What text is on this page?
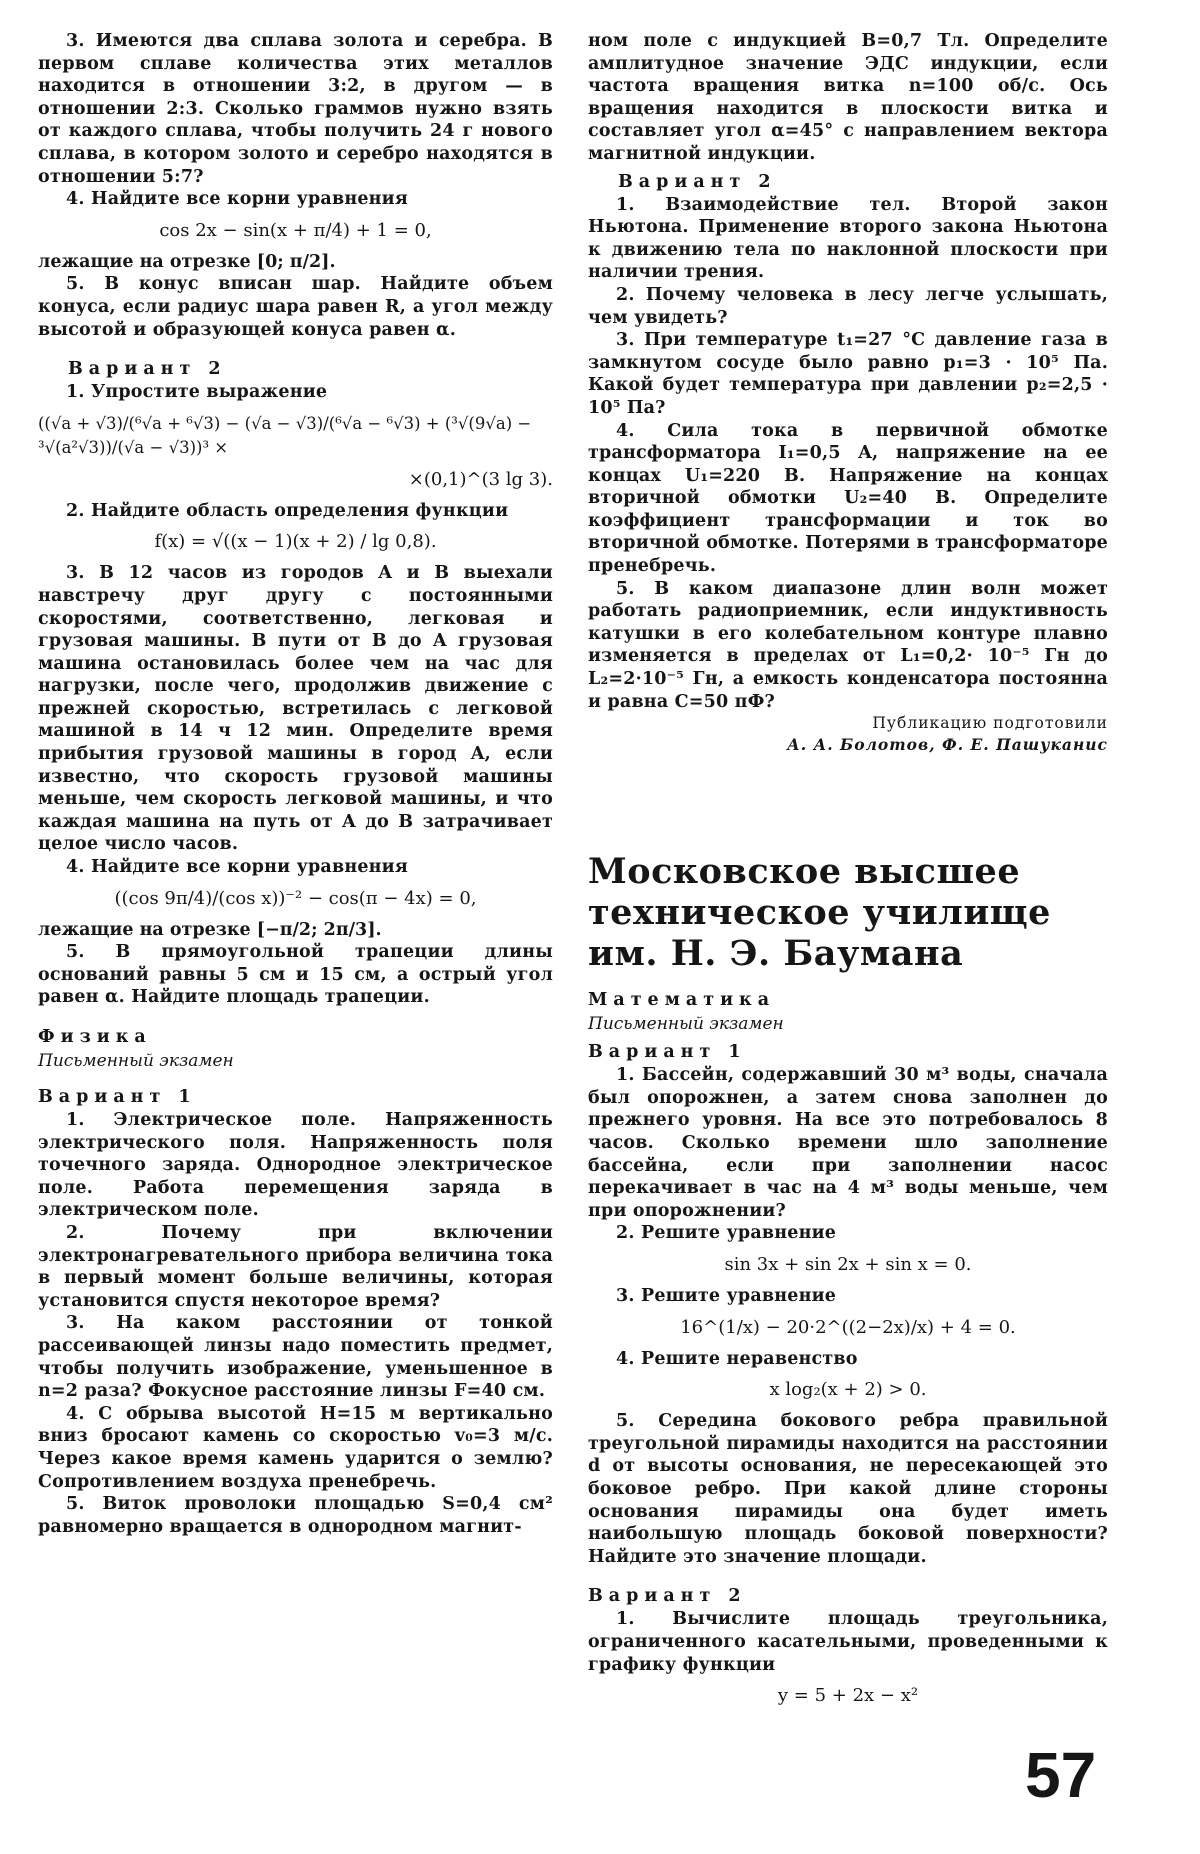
3. Имеются два сплава золота и серебра. В первом сплаве количества этих металлов находится в отношении 3:2, в другом — в отношении 2:3. Сколько граммов нужно взять от каждого сплава, чтобы получить 24 г нового сплава, в котором золото и серебро находятся в отношении 5:7?

4. Найдите все корни уравнения

cos 2x − sin(x + π/4) + 1 = 0,

лежащие на отрезке [0; π/2].

5. В конус вписан шар. Найдите объем конуса, если радиус шара равен R, а угол между высотой и образующей конуса равен α.

Вариант 2

1. Упростите выражение

((√a + √3)/(⁶√a + ⁶√3) − (√a − √3)/(⁶√a − ⁶√3) + (³√(9√a) − ³√(a²√3))/(√a − √3))³ ×
×(0,1)^(3 lg 3).

2. Найдите область определения функции

f(x) = √((x − 1)(x + 2) / lg 0,8).

3. В 12 часов из городов A и B выехали навстречу друг другу с постоянными скоростями, соответственно, легковая и грузовая машины. В пути от B до A грузовая машина остановилась более чем на час для нагрузки, после чего, продолжив движение с прежней скоростью, встретилась с легковой машиной в 14 ч 12 мин. Определите время прибытия грузовой машины в город A, если известно, что скорость грузовой машины меньше, чем скорость легковой машины, и что каждая машина на путь от A до B затрачивает целое число часов.

4. Найдите все корни уравнения

((cos 9π/4)/(cos x))⁻² − cos(π − 4x) = 0,

лежащие на отрезке [−π/2; 2π/3].

5. В прямоугольной трапеции длины оснований равны 5 см и 15 см, а острый угол равен α. Найдите площадь трапеции.

Физика

Письменный экзамен

Вариант 1

1. Электрическое поле. Напряженность электрического поля. Напряженность поля точечного заряда. Однородное электрическое поле. Работа перемещения заряда в электрическом поле.

2. Почему при включении электронагревательного прибора величина тока в первый момент больше величины, которая установится спустя некоторое время?

3. На каком расстоянии от тонкой рассеивающей линзы надо поместить предмет, чтобы получить изображение, уменьшенное в n=2 раза? Фокусное расстояние линзы F=40 см.

4. С обрыва высотой H=15 м вертикально вниз бросают камень со скоростью v₀=3 м/с. Через какое время камень ударится о землю? Сопротивлением воздуха пренебречь.

5. Виток проволоки площадью S=0,4 см² равномерно вращается в однородном магнит-

ном поле с индукцией B=0,7 Тл. Определите амплитудное значение ЭДС индукции, если частота вращения витка n=100 об/с. Ось вращения находится в плоскости витка и составляет угол α=45° с направлением вектора магнитной индукции.

Вариант 2

1. Взаимодействие тел. Второй закон Ньютона. Применение второго закона Ньютона к движению тела по наклонной плоскости при наличии трения.

2. Почему человека в лесу легче услышать, чем увидеть?

3. При температуре t₁=27 °C давление газа в замкнутом сосуде было равно p₁=3 · 10⁵ Па. Какой будет температура при давлении p₂=2,5 · 10⁵ Па?

4. Сила тока в первичной обмотке трансформатора I₁=0,5 A, напряжение на ее концах U₁=220 В. Напряжение на концах вторичной обмотки U₂=40 В. Определите коэффициент трансформации и ток во вторичной обмотке. Потерями в трансформаторе пренебречь.

5. В каком диапазоне длин волн может работать радиоприемник, если индуктивность катушки в его колебательном контуре плавно изменяется в пределах от L₁=0,2· 10⁻⁵ Гн до L₂=2·10⁻⁵ Гн, а емкость конденсатора постоянна и равна C=50 пФ?

Публикацию подготовили

А. А. Болотов, Ф. Е. Пашуканис

Московское высшее техническое училище им. Н. Э. Баумана

Математика

Письменный экзамен

Вариант 1

1. Бассейн, содержавший 30 м³ воды, сначала был опорожнен, а затем снова заполнен до прежнего уровня. На все это потребовалось 8 часов. Сколько времени шло заполнение бассейна, если при заполнении насос перекачивает в час на 4 м³ воды меньше, чем при опорожнении?

2. Решите уравнение

sin 3x + sin 2x + sin x = 0.

3. Решите уравнение

16^(1/x) − 20·2^((2−2x)/x) + 4 = 0.

4. Решите неравенство

x log₂(x + 2) > 0.

5. Середина бокового ребра правильной треугольной пирамиды находится на расстоянии d от высоты основания, не пересекающей это боковое ребро. При какой длине стороны основания пирамиды она будет иметь наибольшую площадь боковой поверхности? Найдите это значение площади.

Вариант 2

1. Вычислите площадь треугольника, ограниченного касательными, проведенными к графику функции

y = 5 + 2x − x²
57
